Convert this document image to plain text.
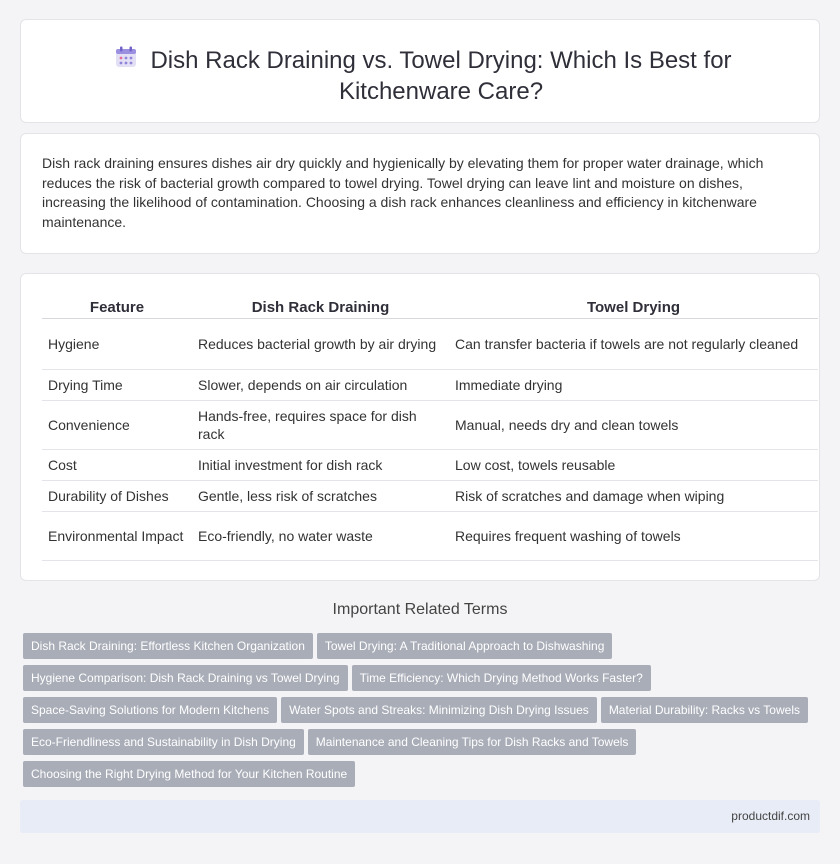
Dish Rack Draining vs. Towel Drying: Which Is Best for Kitchenware Care?

Dish rack draining ensures dishes air dry quickly and hygienically by elevating them for proper water drainage, which reduces the risk of bacterial growth compared to towel drying. Towel drying can leave lint and moisture on dishes, increasing the likelihood of contamination. Choosing a dish rack enhances cleanliness and efficiency in kitchenware maintenance.

Feature	Dish Rack Draining	Towel Drying
Hygiene	Reduces bacterial growth by air drying	Can transfer bacteria if towels are not regularly cleaned
Drying Time	Slower, depends on air circulation	Immediate drying
Convenience	Hands-free, requires space for dish rack	Manual, needs dry and clean towels
Cost	Initial investment for dish rack	Low cost, towels reusable
Durability of Dishes	Gentle, less risk of scratches	Risk of scratches and damage when wiping
Environmental Impact	Eco-friendly, no water waste	Requires frequent washing of towels
Important Related Terms
Dish Rack Draining: Effortless Kitchen Organization Towel Drying: A Traditional Approach to Dishwashing
Hygiene Comparison: Dish Rack Draining vs Towel Drying Time Efficiency: Which Drying Method Works Faster?
Space-Saving Solutions for Modern Kitchens Water Spots and Streaks: Minimizing Dish Drying Issues Material Durability: Racks vs Towels
Eco-Friendliness and Sustainability in Dish Drying Maintenance and Cleaning Tips for Dish Racks and Towels
Choosing the Right Drying Method for Your Kitchen Routine
productdif.com
